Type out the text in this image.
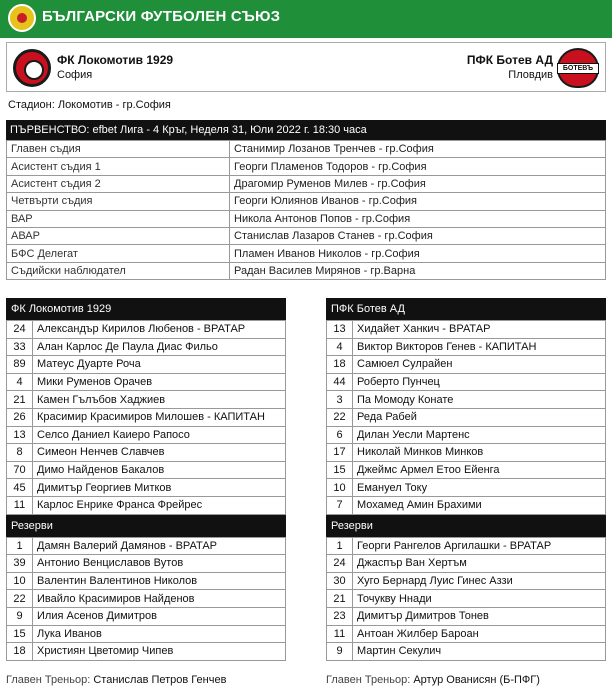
БЪЛГАРСКИ ФУТБОЛЕН СЪЮЗ
ФК Локомотив 1929
София
ПФК Ботев АД
Пловдив
БОТЕВЪ
Стадион: Локомотив - гр.София
ПЪРВЕНСТВО: efbet Лига - 4 Кръг, Неделя 31, Юли 2022 г. 18:30 часа
Главен съдия	Станимир Лозанов Тренчев - гр.София
Асистент съдия 1	Георги Пламенов Тодоров - гр.София
Асистент съдия 2	Драгомир Руменов Милев - гр.София
Четвърти съдия	Георги Юлиянов Иванов - гр.София
ВАР	Никола Антонов Попов - гр.София
АВАР	Станислав Лазаров Станев - гр.София
БФС Делегат	Пламен Иванов Николов - гр.София
Съдийски наблюдател	Радан Василев Мирянов - гр.Варна
ФК Локомотив 1929
24	Александър Кирилов Любенов - ВРАТАР
33	Алан Карлос Де Паула Диас Фильо
89	Матеус Дуарте Роча
4	Мики Руменов Орачев
21	Камен Гълъбов Хаджиев
26	Красимир Красимиров Милошев - КАПИТАН
13	Селсо Даниел Каиеро Рапосо
8	Симеон Ненчев Славчев
70	Димо Найденов Бакалов
45	Димитър Георгиев Митков
11	Карлос Енрике Франса Фрейрес
Резерви
1	Дамян Валерий Дамянов - ВРАТАР
39	Антонио Венциславов Вутов
10	Валентин Валентинов Николов
22	Ивайло Красимиров Найденов
9	Илия Асенов Димитров
15	Лука Иванов
18	Християн Цветомир Чипев
ПФК Ботев АД
13	Хидайет Ханкич - ВРАТАР
4	Виктор Викторов Генев - КАПИТАН
18	Самюел Сулрайен
44	Роберто Пунчец
3	Па Момоду Конате
22	Реда Рабей
6	Дилан Уесли Мартенс
17	Николай Минков Минков
15	Джеймс Армел Етоо Ейенга
10	Емануел Току
7	Мохамед Амин Брахими
Резерви
1	Георги Рангелов Аргилашки - ВРАТАР
24	Джаспър Ван Хертъм
30	Хуго Бернард Луис Гинес Аззи
21	Точукву Ннади
23	Димитър Димитров Тонев
11	Антоан Жилбер Бароан
9	Мартин Секулич
Главен Треньор: Станислав Петров Генчев	Главен Треньор: Артур Ованисян (Б-ПФГ)
